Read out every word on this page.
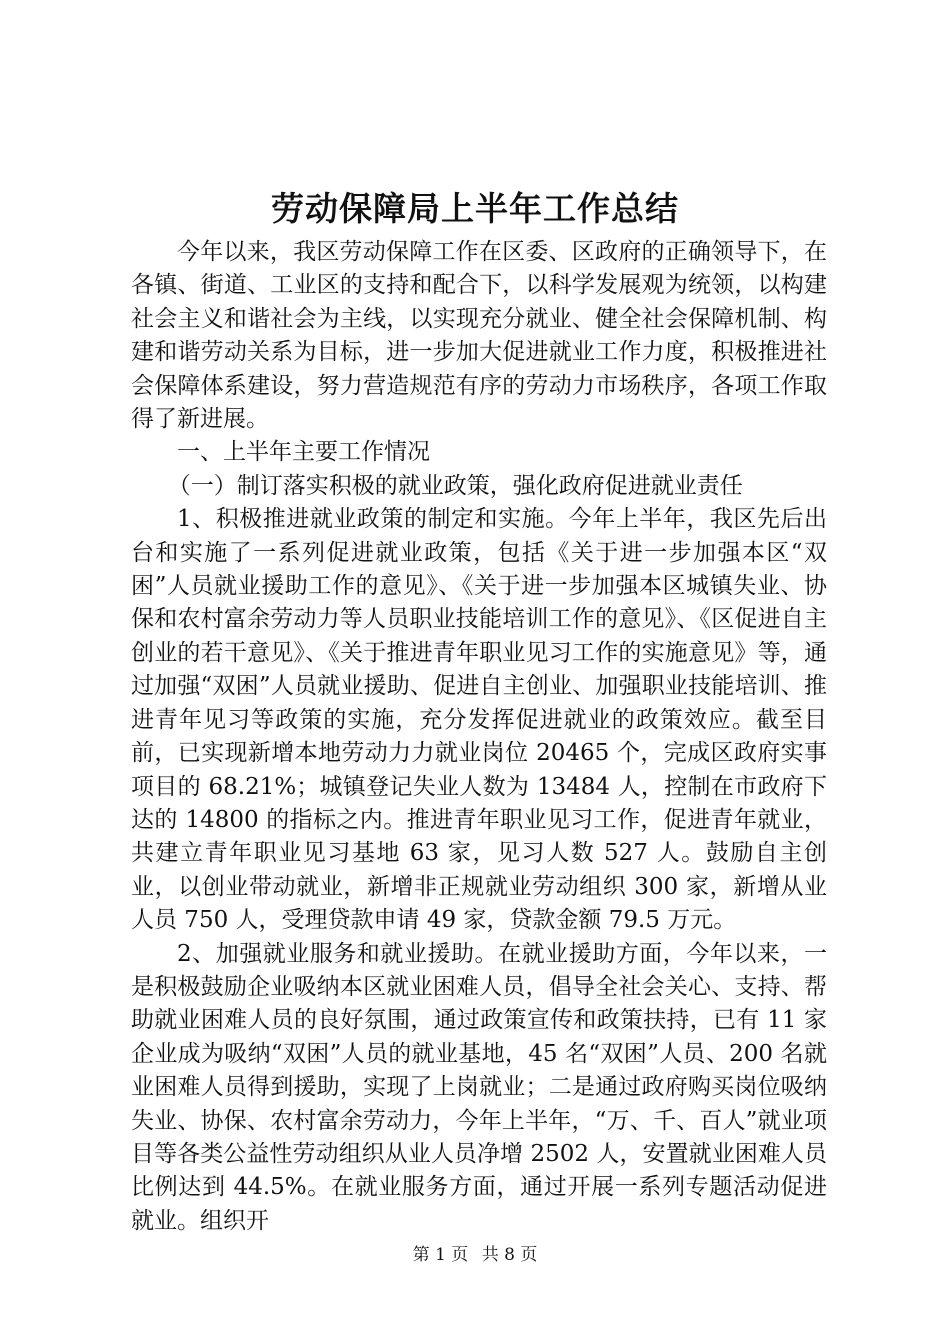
劳动保障局上半年工作总结

今年以来，我区劳动保障工作在区委、区政府的正确领导下，在各镇、街道、工业区的支持和配合下，以科学发展观为统领，以构建社会主义和谐社会为主线，以实现充分就业、健全社会保障机制、构建和谐劳动关系为目标，进一步加大促进就业工作力度，积极推进社会保障体系建设，努力营造规范有序的劳动力市场秩序，各项工作取得了新进展。

一、上半年主要工作情况

（一）制订落实积极的就业政策，强化政府促进就业责任

1、积极推进就业政策的制定和实施。今年上半年，我区先后出台和实施了一系列促进就业政策，包括《关于进一步加强本区“双困”人员就业援助工作的意见》、《关于进一步加强本区城镇失业、协保和农村富余劳动力等人员职业技能培训工作的意见》、《区促进自主创业的若干意见》、《关于推进青年职业见习工作的实施意见》等，通过加强“双困”人员就业援助、促进自主创业、加强职业技能培训、推进青年见习等政策的实施，充分发挥促进就业的政策效应。截至目前，已实现新增本地劳动力力就业岗位 20465 个，完成区政府实事项目的 68.21%；城镇登记失业人数为 13484 人，控制在市政府下达的 14800 的指标之内。推进青年职业见习工作，促进青年就业，共建立青年职业见习基地 63 家，见习人数 527 人。鼓励自主创业，以创业带动就业，新增非正规就业劳动组织 300 家，新增从业人员 750 人，受理贷款申请 49 家，贷款金额 79.5 万元。

2、加强就业服务和就业援助。在就业援助方面，今年以来，一是积极鼓励企业吸纳本区就业困难人员，倡导全社会关心、支持、帮助就业困难人员的良好氛围，通过政策宣传和政策扶持，已有 11 家企业成为吸纳“双困”人员的就业基地，45 名“双困”人员、200 名就业困难人员得到援助，实现了上岗就业；二是通过政府购买岗位吸纳失业、协保、农村富余劳动力，今年上半年，“万、千、百人”就业项目等各类公益性劳动组织从业人员净增 2502 人，安置就业困难人员比例达到 44.5%。在就业服务方面，通过开展一系列专题活动促进就业。组织开

第 1 页 共 8 页
